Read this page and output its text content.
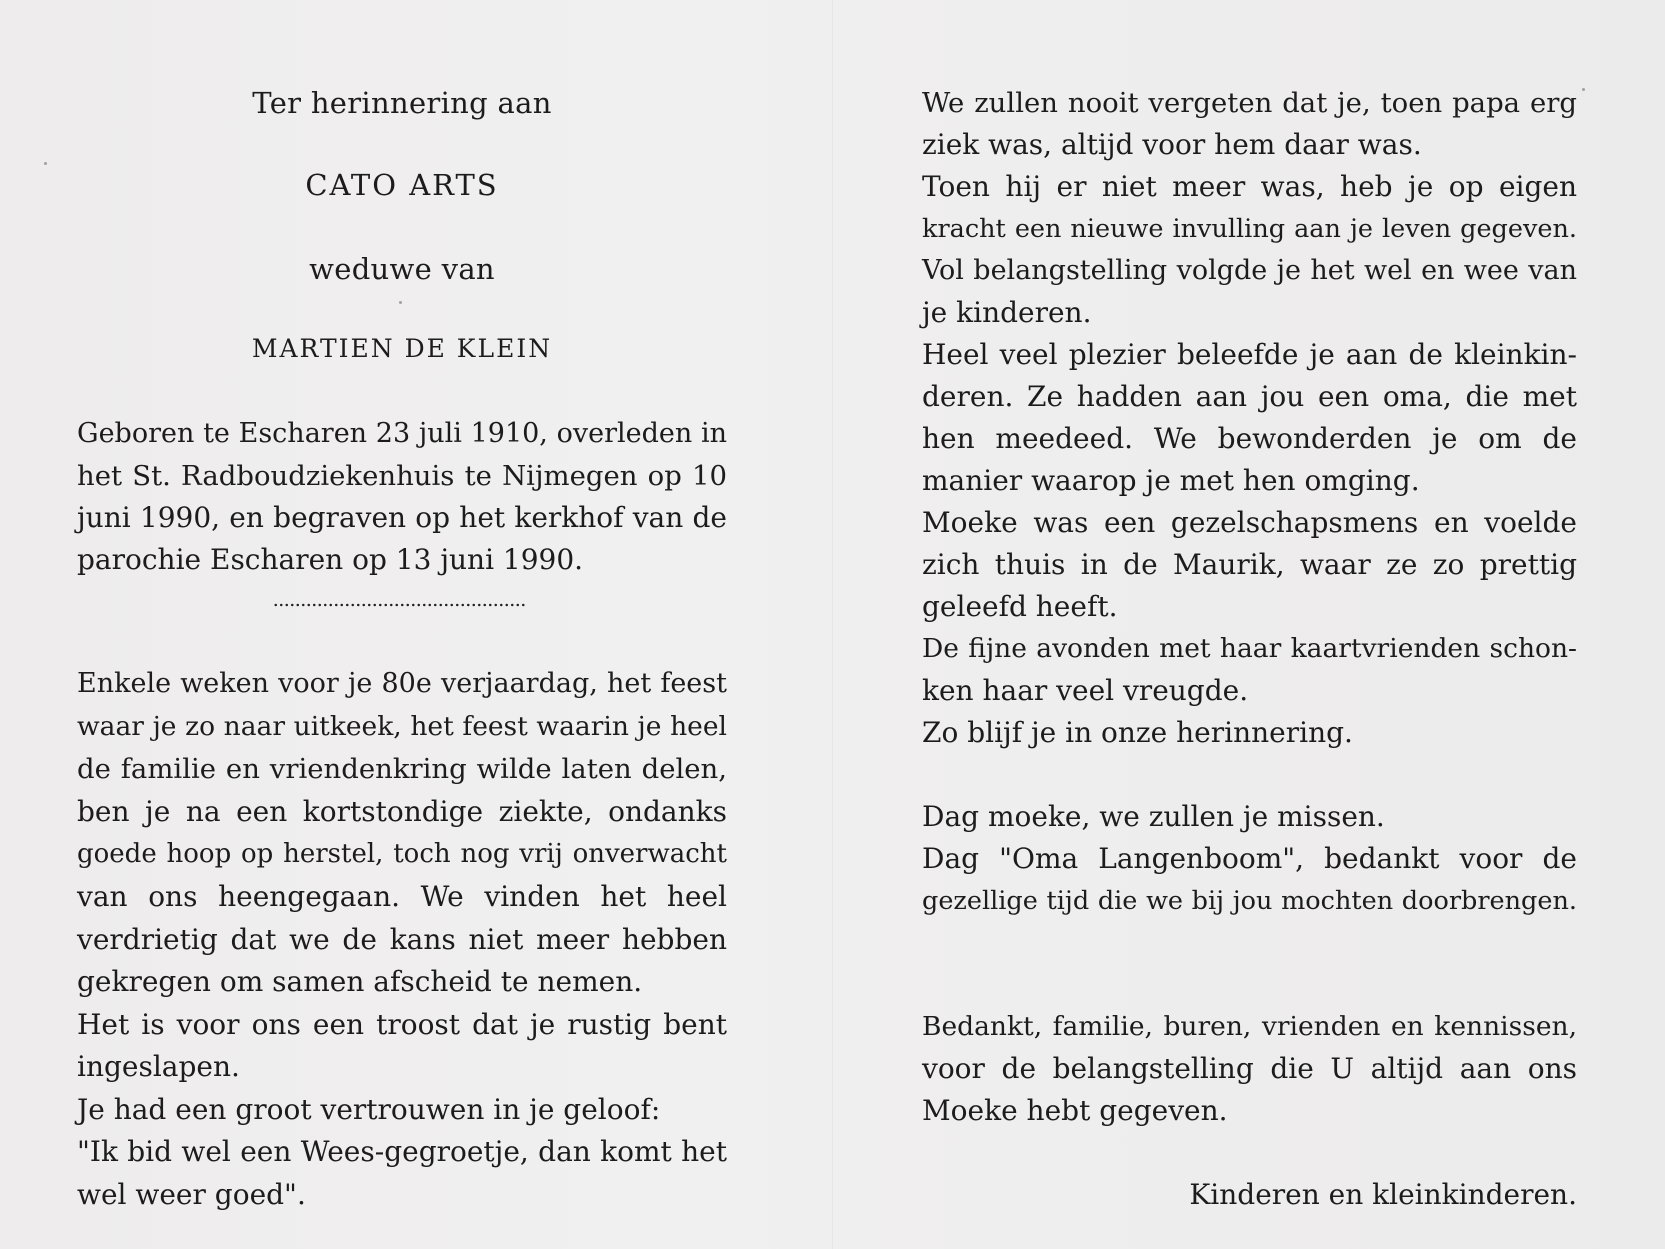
Ter herinnering aan
CATO ARTS
weduwe van
MARTIEN DE KLEIN
Geboren te Escharen 23 juli 1910, overleden in
het St. Radboudziekenhuis te Nijmegen op 10
juni 1990, en begraven op het kerkhof van de
parochie Escharen op 13 juni 1990.
Enkele weken voor je 80e verjaardag, het feest
waar je zo naar uitkeek, het feest waarin je heel
de familie en vriendenkring wilde laten delen,
ben je na een kortstondige ziekte, ondanks
goede hoop op herstel, toch nog vrij onverwacht
van ons heengegaan. We vinden het heel
verdrietig dat we de kans niet meer hebben
gekregen om samen afscheid te nemen.
Het is voor ons een troost dat je rustig bent
ingeslapen.
Je had een groot vertrouwen in je geloof:
"Ik bid wel een Wees-gegroetje, dan komt het
wel weer goed".
We zullen nooit vergeten dat je, toen papa erg
ziek was, altijd voor hem daar was.
Toen hij er niet meer was, heb je op eigen
kracht een nieuwe invulling aan je leven gegeven.
Vol belangstelling volgde je het wel en wee van
je kinderen.
Heel veel plezier beleefde je aan de kleinkin-
deren. Ze hadden aan jou een oma, die met
hen meedeed. We bewonderden je om de
manier waarop je met hen omging.
Moeke was een gezelschapsmens en voelde
zich thuis in de Maurik, waar ze zo prettig
geleefd heeft.
De fijne avonden met haar kaartvrienden schon-
ken haar veel vreugde.
Zo blijf je in onze herinnering.
Dag moeke, we zullen je missen.
Dag "Oma Langenboom", bedankt voor de
gezellige tijd die we bij jou mochten doorbrengen.
Bedankt, familie, buren, vrienden en kennissen,
voor de belangstelling die U altijd aan ons
Moeke hebt gegeven.
Kinderen en kleinkinderen.
